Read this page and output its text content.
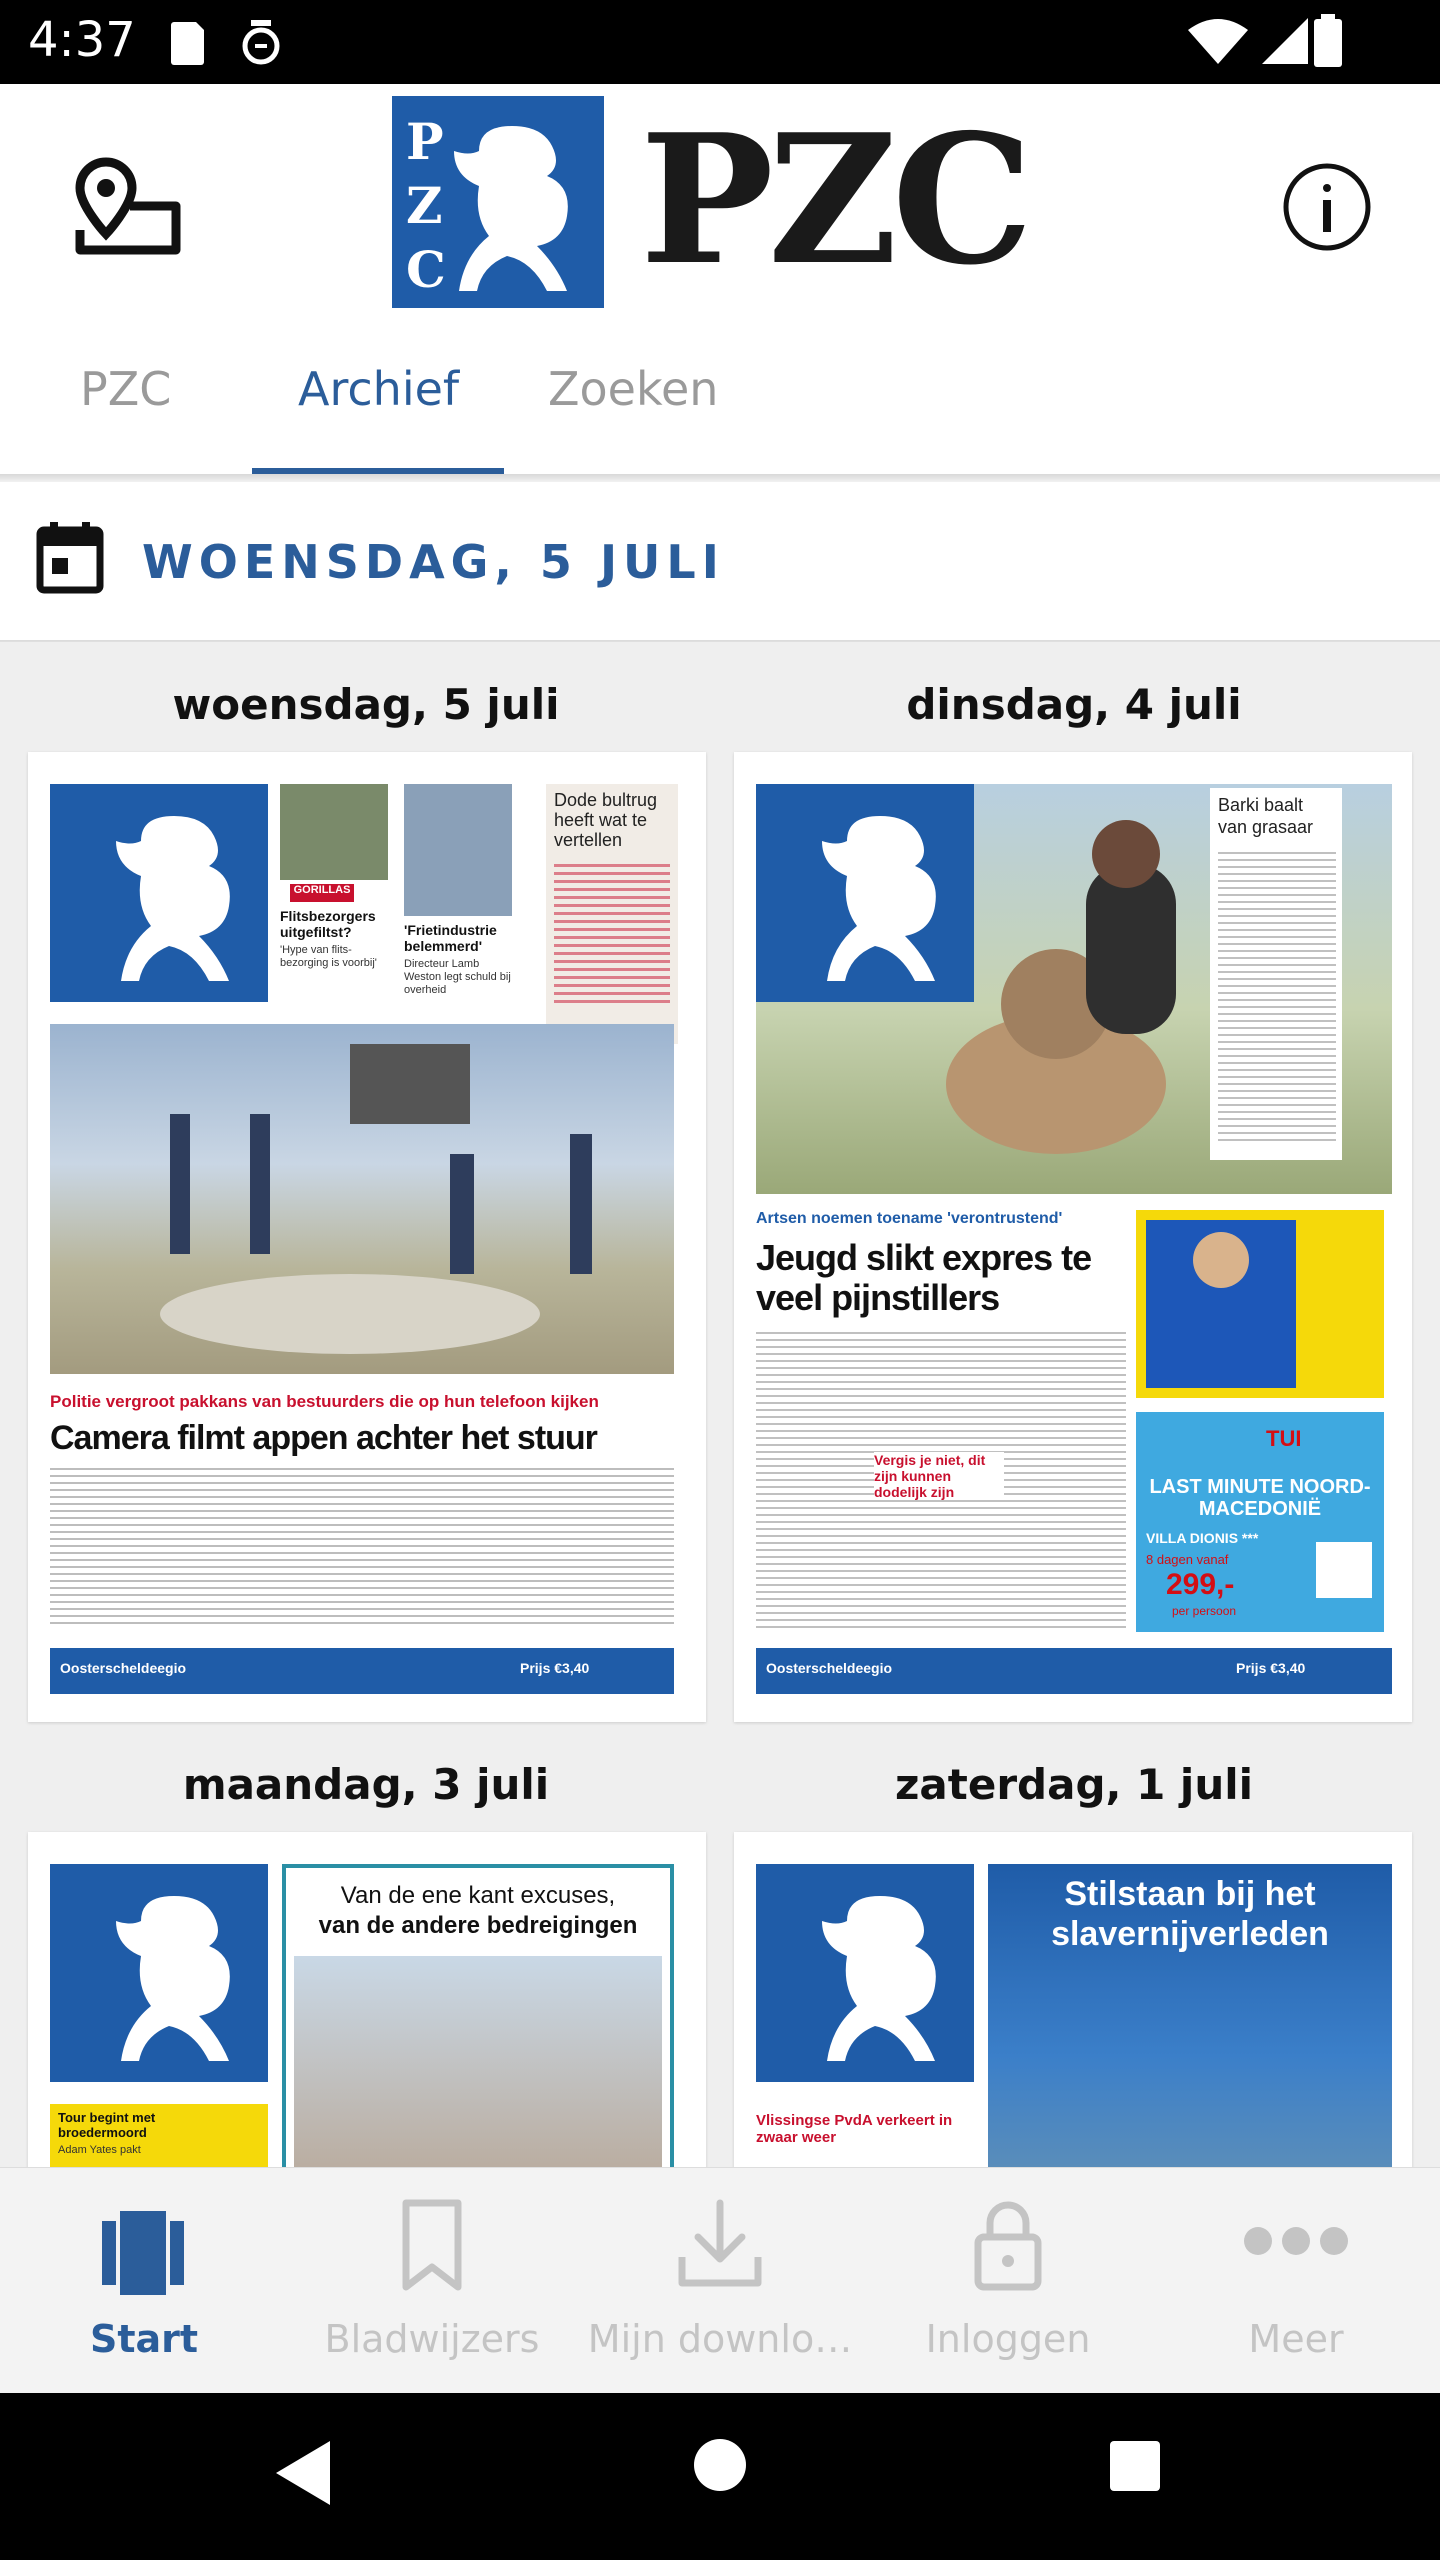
4:37
P
Z
C PZC
PZC	Archief Zoeken
WOENSDAG, 5 JULI
woensdag, 5 juli
GORILLAS
Flitsbezorgers uitgefiltst?
'Hype van flits-bezorging is voorbij'
'Frietindustrie belemmerd'
Directeur Lamb Weston legt schuld bij overheid
Dode bultrug heeft wat te vertellen
Politie vergroot pakkans van bestuurders die op hun telefoon kijken
Camera filmt appen achter het stuur
Oosterscheldeegio	Prijs €3,40
dinsdag, 4 juli
Barki baalt van grasaar
Artsen noemen toename 'verontrustend'
Jeugd slikt expres te veel pijnstillers
Vergis je niet, dit zijn kunnen dodelijk zijn
TUI
LAST MINUTE NOORD-MACEDONIË
VILLA DIONIS ***
8 dagen vanaf
299,-
per persoon
Oosterscheldeegio	Prijs €3,40
maandag, 3 juli
Tour begint met broedermoord
Adam Yates pakt
Van de ene kant excuses,
van de andere bedreigingen
zaterdag, 1 juli
Vlissingse PvdA verkeert in zwaar weer
Stilstaan bij het slavernijverleden
Start	Bladwijzers	Mijn downlo…	Inloggen	Meer
